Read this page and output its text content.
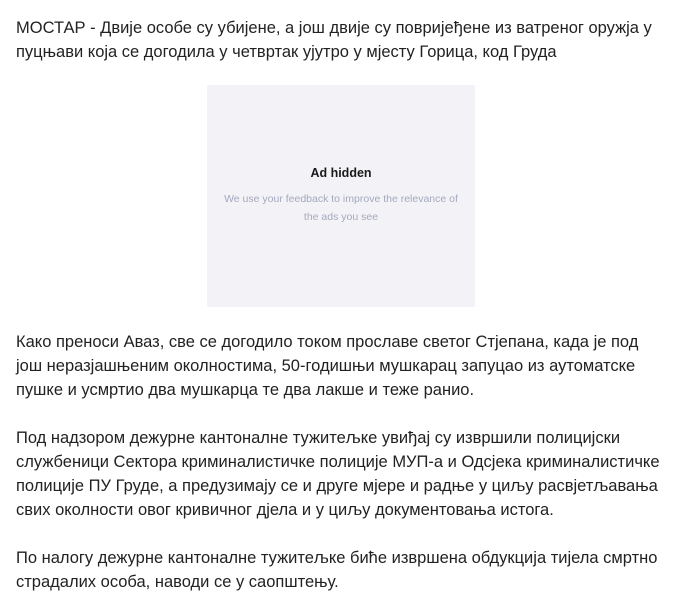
МОСТАР - Двије особе су убијене, а још двије су повријеђене из ватреног оружја у пуцњави која се догодила у четвртак ујутро у мјесту Горица, код Груда

Ad hidden
We use your feedback to improve the relevance of the ads you see

Како преноси Аваз, све се догодило током прославе светог Стјепана, када је под још неразјашњеним околностима, 50-годишњи мушкарац запуцао из аутоматске пушке и усмртио два мушкарца те два лакше и теже ранио.

Под надзором дежурне кантоналне тужитељке увиђај су извршили полицијски службеници Сектора криминалистичке полиције МУП-а и Одсјека криминалистичке полиције ПУ Груде, а предузимају се и друге мјере и радње у циљу расвјетљавања свих околности овог кривичног дјела и у циљу документовања истога.

По налогу дежурне кантоналне тужитељке биће извршена обдукција тијела смртно страдалих особа, наводи се у саопштењу.
